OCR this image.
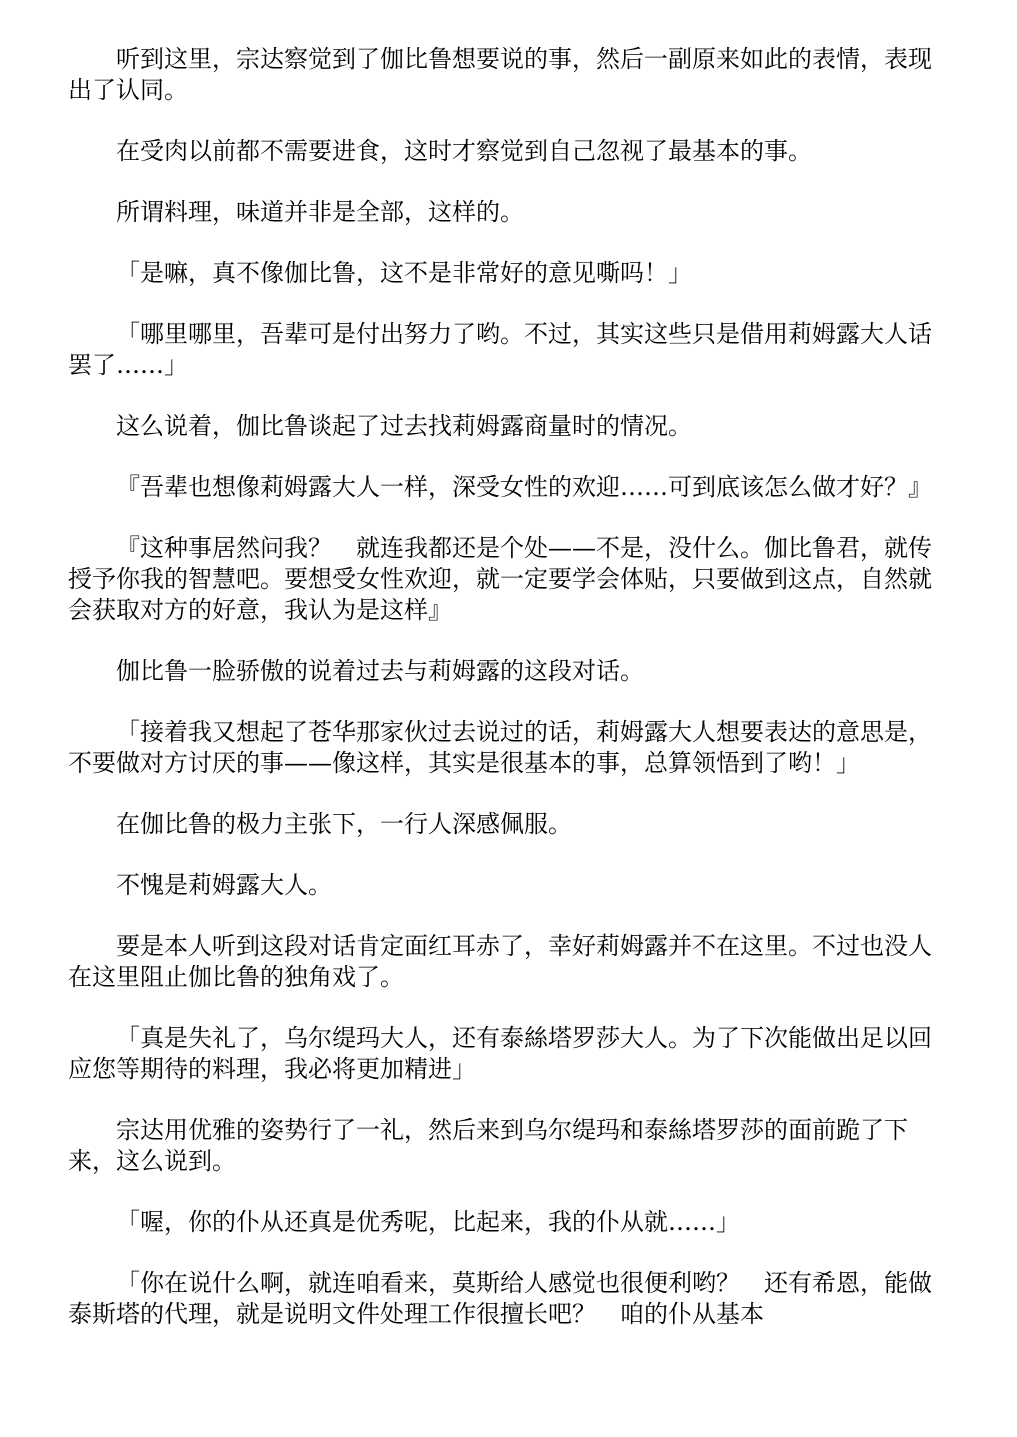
听到这里，宗达察觉到了伽比鲁想要说的事，然后一副原来如此的表情，表现出了认同。

在受肉以前都不需要进食，这时才察觉到自己忽视了最基本的事。

所谓料理，味道并非是全部，这样的。

「是嘛，真不像伽比鲁，这不是非常好的意见嘶吗！」

「哪里哪里，吾辈可是付出努力了哟。不过，其实这些只是借用莉姆露大人话罢了……」

这么说着，伽比鲁谈起了过去找莉姆露商量时的情况。

『吾辈也想像莉姆露大人一样，深受女性的欢迎……可到底该怎么做才好？』

『这种事居然问我？　就连我都还是个处——不是，没什么。伽比鲁君，就传授予你我的智慧吧。要想受女性欢迎，就一定要学会体贴，只要做到这点，自然就会获取对方的好意，我认为是这样』

伽比鲁一脸骄傲的说着过去与莉姆露的这段对话。

「接着我又想起了苍华那家伙过去说过的话，莉姆露大人想要表达的意思是，不要做对方讨厌的事——像这样，其实是很基本的事，总算领悟到了哟！」

在伽比鲁的极力主张下，一行人深感佩服。

不愧是莉姆露大人。

要是本人听到这段对话肯定面红耳赤了，幸好莉姆露并不在这里。不过也没人在这里阻止伽比鲁的独角戏了。

「真是失礼了，乌尔缇玛大人，还有泰絲塔罗莎大人。为了下次能做出足以回应您等期待的料理，我必将更加精进」

宗达用优雅的姿势行了一礼，然后来到乌尔缇玛和泰絲塔罗莎的面前跪了下来，这么说到。

「喔，你的仆从还真是优秀呢，比起来，我的仆从就……」

「你在说什么啊，就连咱看来，莫斯给人感觉也很便利哟？　还有希恩，能做泰斯塔的代理，就是说明文件处理工作很擅长吧？　咱的仆从基本
